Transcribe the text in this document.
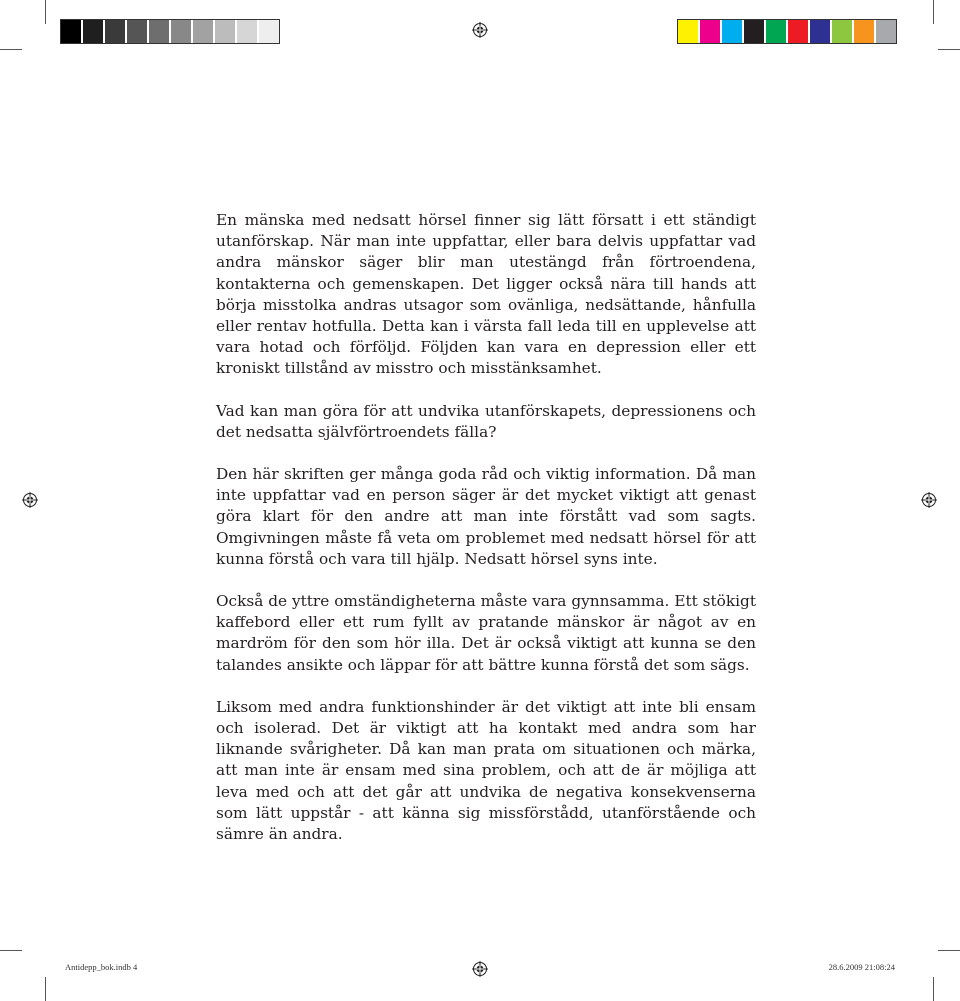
En mänska med nedsatt hörsel finner sig lätt försatt i ett ständigt utanförskap. När man inte uppfattar, eller bara delvis uppfattar vad andra mänskor säger blir man utestängd från förtroendena, kontakterna och gemenskapen. Det ligger också nära till hands att börja misstolka andras utsagor som ovänliga, nedsättande, hånfulla eller rentav hotfulla. Detta kan i värsta fall leda till en upplevelse att vara hotad och förföljd. Följden kan vara en depression eller ett kroniskt tillstånd av misstro och misstänksamhet.

Vad kan man göra för att undvika utanförskapets, depressionens och det nedsatta självförtroendets fälla?

Den här skriften ger många goda råd och viktig information. Då man inte uppfattar vad en person säger är det mycket viktigt att genast göra klart för den andre att man inte förstått vad som sagts. Omgivningen måste få veta om problemet med nedsatt hörsel för att kunna förstå och vara till hjälp. Nedsatt hörsel syns inte.

Också de yttre omständigheterna måste vara gynnsamma. Ett stökigt kaffebord eller ett rum fyllt av pratande mänskor är något av en mardröm för den som hör illa. Det är också viktigt att kunna se den talandes ansikte och läppar för att bättre kunna förstå det som sägs.

Liksom med andra funktionshinder är det viktigt att inte bli ensam och isolerad. Det är viktigt att ha kontakt med andra som har liknande svårigheter. Då kan man prata om situationen och märka, att man inte är ensam med sina problem, och att de är möjliga att leva med och att det går att undvika de negativa konsekvenserna som lätt uppstår - att känna sig missförstådd, utanförstående och sämre än andra.

Antidepp_bok.indb 4	28.6.2009 21:08:24
